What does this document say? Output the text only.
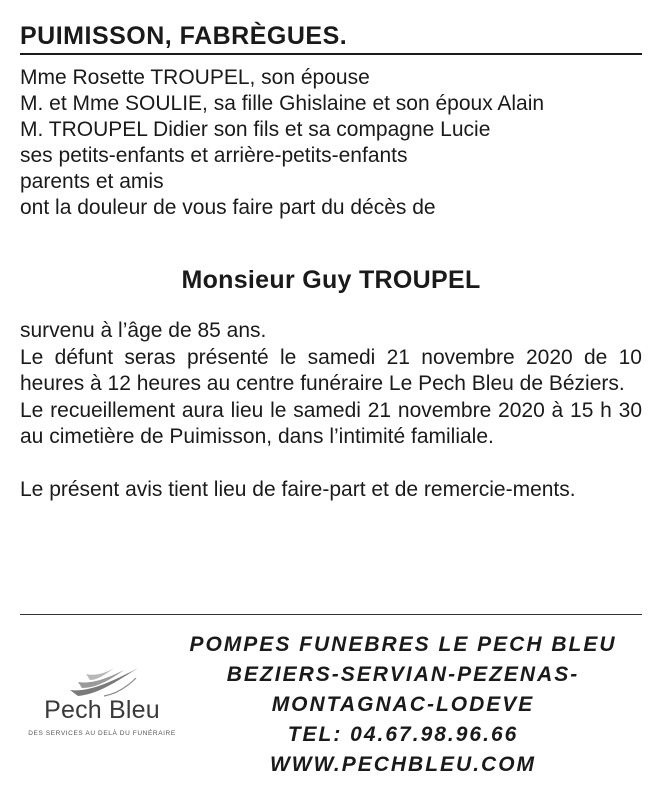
PUIMISSON, FABRÈGUES.
Mme Rosette TROUPEL, son épouse
M. et Mme SOULIE, sa fille Ghislaine et son époux Alain
M. TROUPEL Didier son fils et sa compagne Lucie
ses petits-enfants et arrière-petits-enfants
parents et amis
ont la douleur de vous faire part du décès de
Monsieur Guy TROUPEL

survenu à l’âge de 85 ans.

Le défunt seras présenté le samedi 21 novembre 2020 de 10 heures à 12 heures au centre funéraire Le Pech Bleu de Béziers.

Le recueillement aura lieu le samedi 21 novembre 2020 à 15 h 30 au cimetière de Puimisson, dans l’intimité familiale.

Le présent avis tient lieu de faire-part et de remercie-ments.

Pech Bleu
DES SERVICES AU DELÀ DU FUNÉRAIRE
POMPES FUNEBRES LE PECH BLEU
BEZIERS-SERVIAN-PEZENAS-
MONTAGNAC-LODEVE
TEL: 04.67.98.96.66
WWW.PECHBLEU.COM
